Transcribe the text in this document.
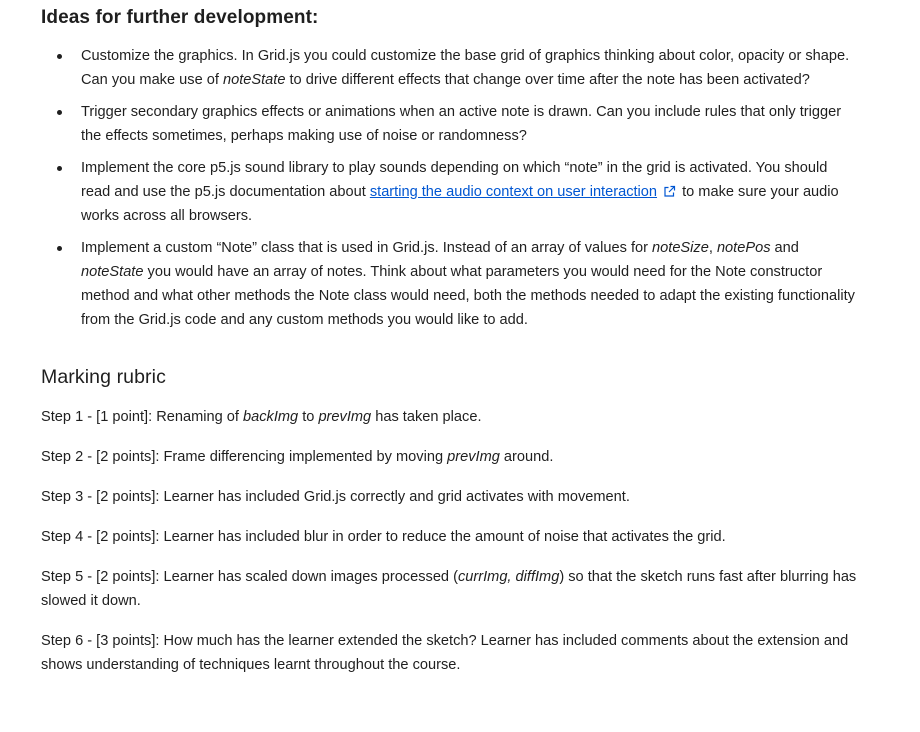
Ideas for further development:
Customize the graphics. In Grid.js you could customize the base grid of graphics thinking about color, opacity or shape. Can you make use of noteState to drive different effects that change over time after the note has been activated?
Trigger secondary graphics effects or animations when an active note is drawn. Can you include rules that only trigger the effects sometimes, perhaps making use of noise or randomness?
Implement the core p5.js sound library to play sounds depending on which “note” in the grid is activated. You should read and use the p5.js documentation about starting the audio context on user interaction to make sure your audio works across all browsers.
Implement a custom “Note” class that is used in Grid.js. Instead of an array of values for noteSize, notePos and noteState you would have an array of notes. Think about what parameters you would need for the Note constructor method and what other methods the Note class would need, both the methods needed to adapt the existing functionality from the Grid.js code and any custom methods you would like to add.
Marking rubric

Step 1 - [1 point]: Renaming of backImg to prevImg has taken place.

Step 2 - [2 points]: Frame differencing implemented by moving prevImg around.

Step 3 - [2 points]: Learner has included Grid.js correctly and grid activates with movement.

Step 4 - [2 points]: Learner has included blur in order to reduce the amount of noise that activates the grid.

Step 5 - [2 points]: Learner has scaled down images processed (currImg, diffImg) so that the sketch runs fast after blurring has slowed it down.

Step 6 - [3 points]: How much has the learner extended the sketch? Learner has included comments about the extension and shows understanding of techniques learnt throughout the course.
